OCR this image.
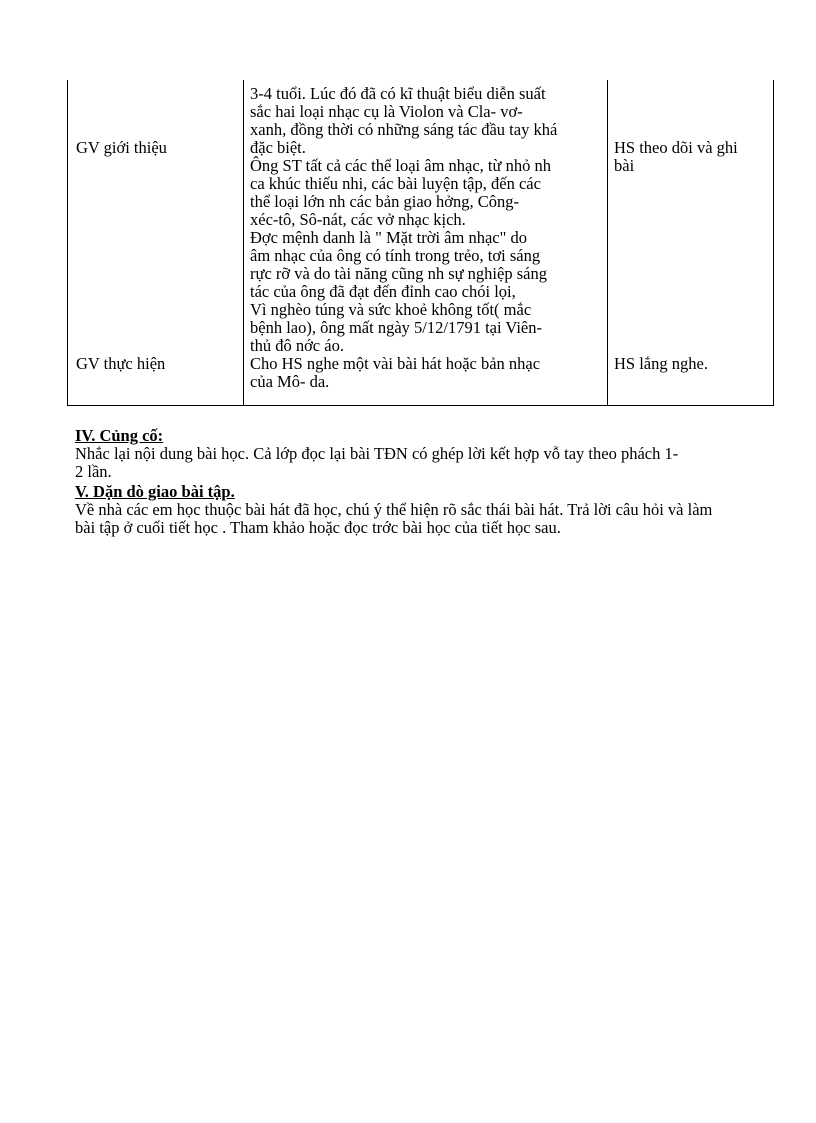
GV giới thiệu

3-4 tuổi. Lúc đó đã có kĩ thuật biểu diễn suất

sắc hai loại nhạc cụ là Violon và Cla- vơ-

xanh, đồng thời có những sáng tác đầu tay khá

đặc biệt.

Ông ST tất cả các thể loại âm nhạc, từ nhỏ nh

ca khúc thiếu nhi, các bài luyện tập, đến các

thể loại lớn nh các bản giao hởng, Công-

xéc-tô, Sô-nát, các vở nhạc kịch.

Đợc mệnh danh là " Mặt trời âm nhạc" do

âm nhạc của ông có tính trong trẻo, tơi sáng

rực rỡ và do tài năng cũng nh sự nghiệp sáng

tác của ông đã đạt đến đỉnh cao chói lọi,

Vì nghèo túng và sức khoẻ không tốt( mắc

bệnh lao), ông mất ngày 5/12/1791 tại Viên-

thủ đô nớc áo.

HS theo dõi và ghi

bài

GV thực hiện	Cho HS nghe một vài bài hát hoặc bản nhạc

của Mô- da.

HS lắng nghe.

IV. Củng cố:

Nhắc lại nội dung bài học. Cả lớp đọc lại bài TĐN có ghép lời kết hợp vỗ tay theo phách 1-

2 lần.

V. Dặn dò giao bài tập.

Về nhà các em học thuộc bài hát đã học, chú ý thể hiện rõ sắc thái bài hát. Trả lời câu hỏi và làm

bài tập ở cuối tiết học . Tham khảo hoặc đọc trớc bài học của tiết học sau.
